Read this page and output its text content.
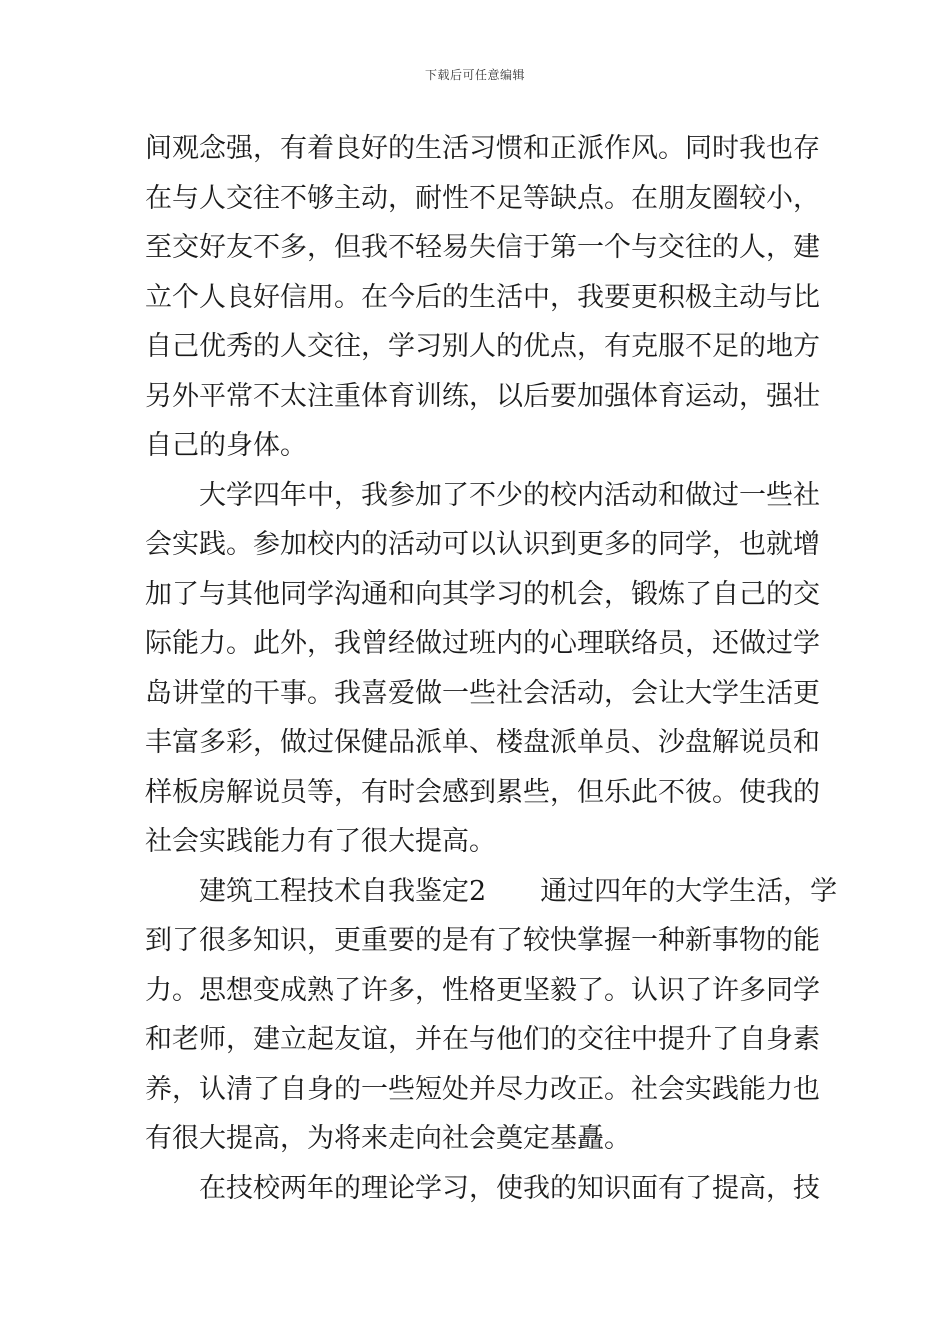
下载后可任意编辑
间观念强，有着良好的生活习惯和正派作风。同时我也存
在与人交往不够主动，耐性不足等缺点。在朋友圈较小，
至交好友不多，但我不轻易失信于第一个与交往的人，建
立个人良好信用。在今后的生活中，我要更积极主动与比
自己优秀的人交往，学习别人的优点，有克服不足的地方
另外平常不太注重体育训练，以后要加强体育运动，强壮
自己的身体。
　　大学四年中，我参加了不少的校内活动和做过一些社
会实践。参加校内的活动可以认识到更多的同学，也就增
加了与其他同学沟通和向其学习的机会，锻炼了自己的交
际能力。此外，我曾经做过班内的心理联络员，还做过学
岛讲堂的干事。我喜爱做一些社会活动，会让大学生活更
丰富多彩，做过保健品派单、楼盘派单员、沙盘解说员和
样板房解说员等，有时会感到累些，但乐此不彼。使我的
社会实践能力有了很大提高。
　　建筑工程技术自我鉴定2 通过四年的大学生活，学
到了很多知识，更重要的是有了较快掌握一种新事物的能
力。思想变成熟了许多，性格更坚毅了。认识了许多同学
和老师，建立起友谊，并在与他们的交往中提升了自身素
养，认清了自身的一些短处并尽力改正。社会实践能力也
有很大提高，为将来走向社会奠定基矗。
　　在技校两年的理论学习，使我的知识面有了提高，技
